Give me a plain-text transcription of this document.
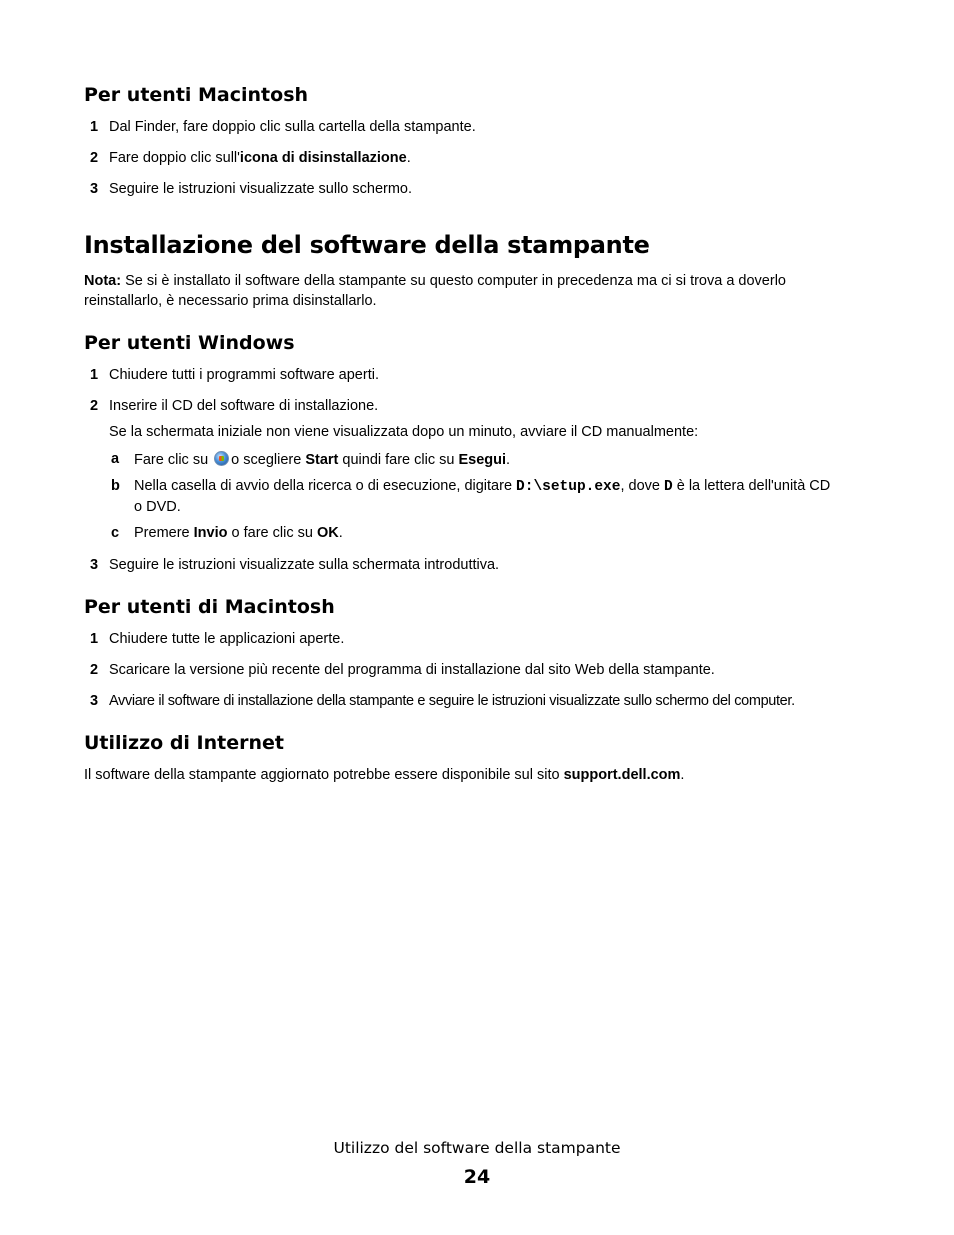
Per utenti Macintosh
1 Dal Finder, fare doppio clic sulla cartella della stampante.
2 Fare doppio clic sull'icona di disinstallazione.
3 Seguire le istruzioni visualizzate sullo schermo.
Installazione del software della stampante
Nota: Se si è installato il software della stampante su questo computer in precedenza ma ci si trova a doverlo
reinstallarlo, è necessario prima disinstallarlo.
Per utenti Windows
1 Chiudere tutti i programmi software aperti.
2 Inserire il CD del software di installazione.
Se la schermata iniziale non viene visualizzata dopo un minuto, avviare il CD manualmente:
a Fare clic su o scegliere Start quindi fare clic su Esegui.
b Nella casella di avvio della ricerca o di esecuzione, digitare D:\setup.exe, dove D è la lettera dell'unità CD
o DVD.
c Premere Invio o fare clic su OK.
3 Seguire le istruzioni visualizzate sulla schermata introduttiva.
Per utenti di Macintosh
1 Chiudere tutte le applicazioni aperte.
2 Scaricare la versione più recente del programma di installazione dal sito Web della stampante.
3 Avviare il software di installazione della stampante e seguire le istruzioni visualizzate sullo schermo del computer.
Utilizzo di Internet
Il software della stampante aggiornato potrebbe essere disponibile sul sito support.dell.com.
Utilizzo del software della stampante
24
